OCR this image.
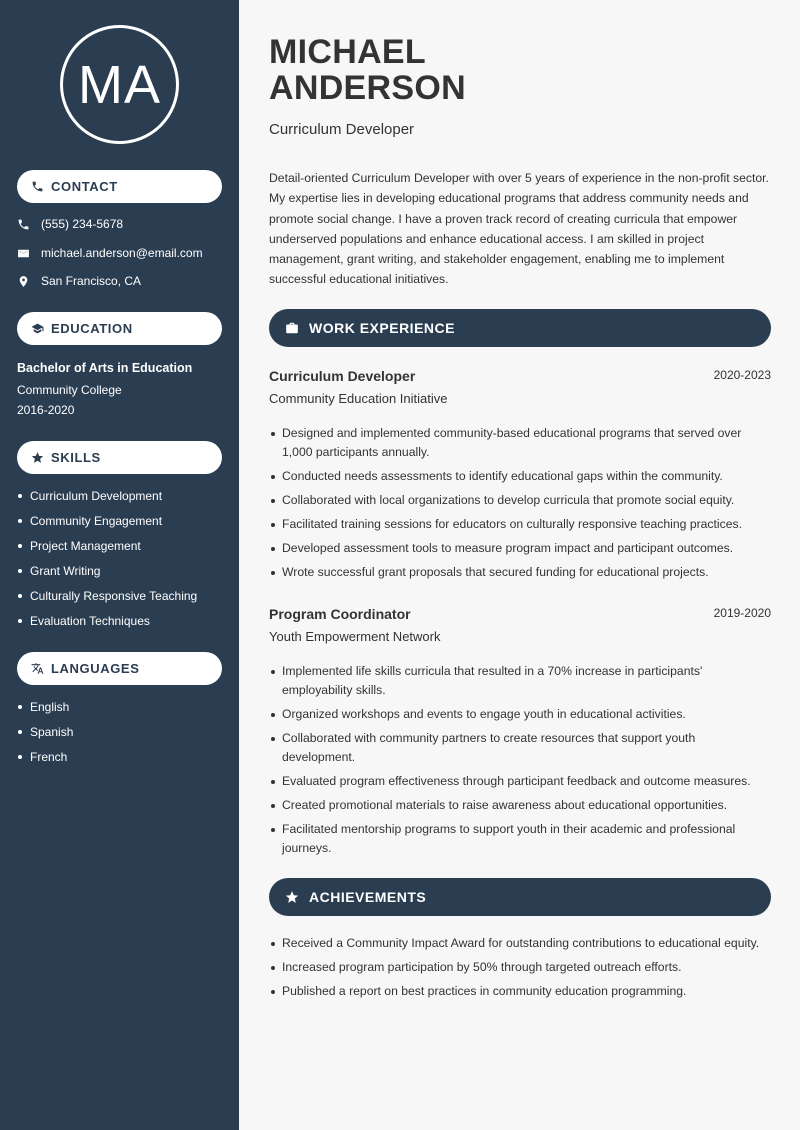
MA
CONTACT
(555) 234-5678
michael.anderson@email.com
San Francisco, CA
EDUCATION
Bachelor of Arts in Education
Community College
2016-2020
SKILLS
Curriculum Development
Community Engagement
Project Management
Grant Writing
Culturally Responsive Teaching
Evaluation Techniques
LANGUAGES
English
Spanish
French
MICHAEL
ANDERSON
Curriculum Developer

Detail-oriented Curriculum Developer with over 5 years of experience in the non-profit sector. My expertise lies in developing educational programs that address community needs and promote social change. I have a proven track record of creating curricula that empower underserved populations and enhance educational access. I am skilled in project management, grant writing, and stakeholder engagement, enabling me to implement successful educational initiatives.

WORK EXPERIENCE
Curriculum Developer	2020-2023
Community Education Initiative
Designed and implemented community-based educational programs that served over 1,000 participants annually.
Conducted needs assessments to identify educational gaps within the community.
Collaborated with local organizations to develop curricula that promote social equity.
Facilitated training sessions for educators on culturally responsive teaching practices.
Developed assessment tools to measure program impact and participant outcomes.
Wrote successful grant proposals that secured funding for educational projects.
Program Coordinator	2019-2020
Youth Empowerment Network
Implemented life skills curricula that resulted in a 70% increase in participants' employability skills.
Organized workshops and events to engage youth in educational activities.
Collaborated with community partners to create resources that support youth development.
Evaluated program effectiveness through participant feedback and outcome measures.
Created promotional materials to raise awareness about educational opportunities.
Facilitated mentorship programs to support youth in their academic and professional journeys.
ACHIEVEMENTS
Received a Community Impact Award for outstanding contributions to educational equity.
Increased program participation by 50% through targeted outreach efforts.
Published a report on best practices in community education programming.
